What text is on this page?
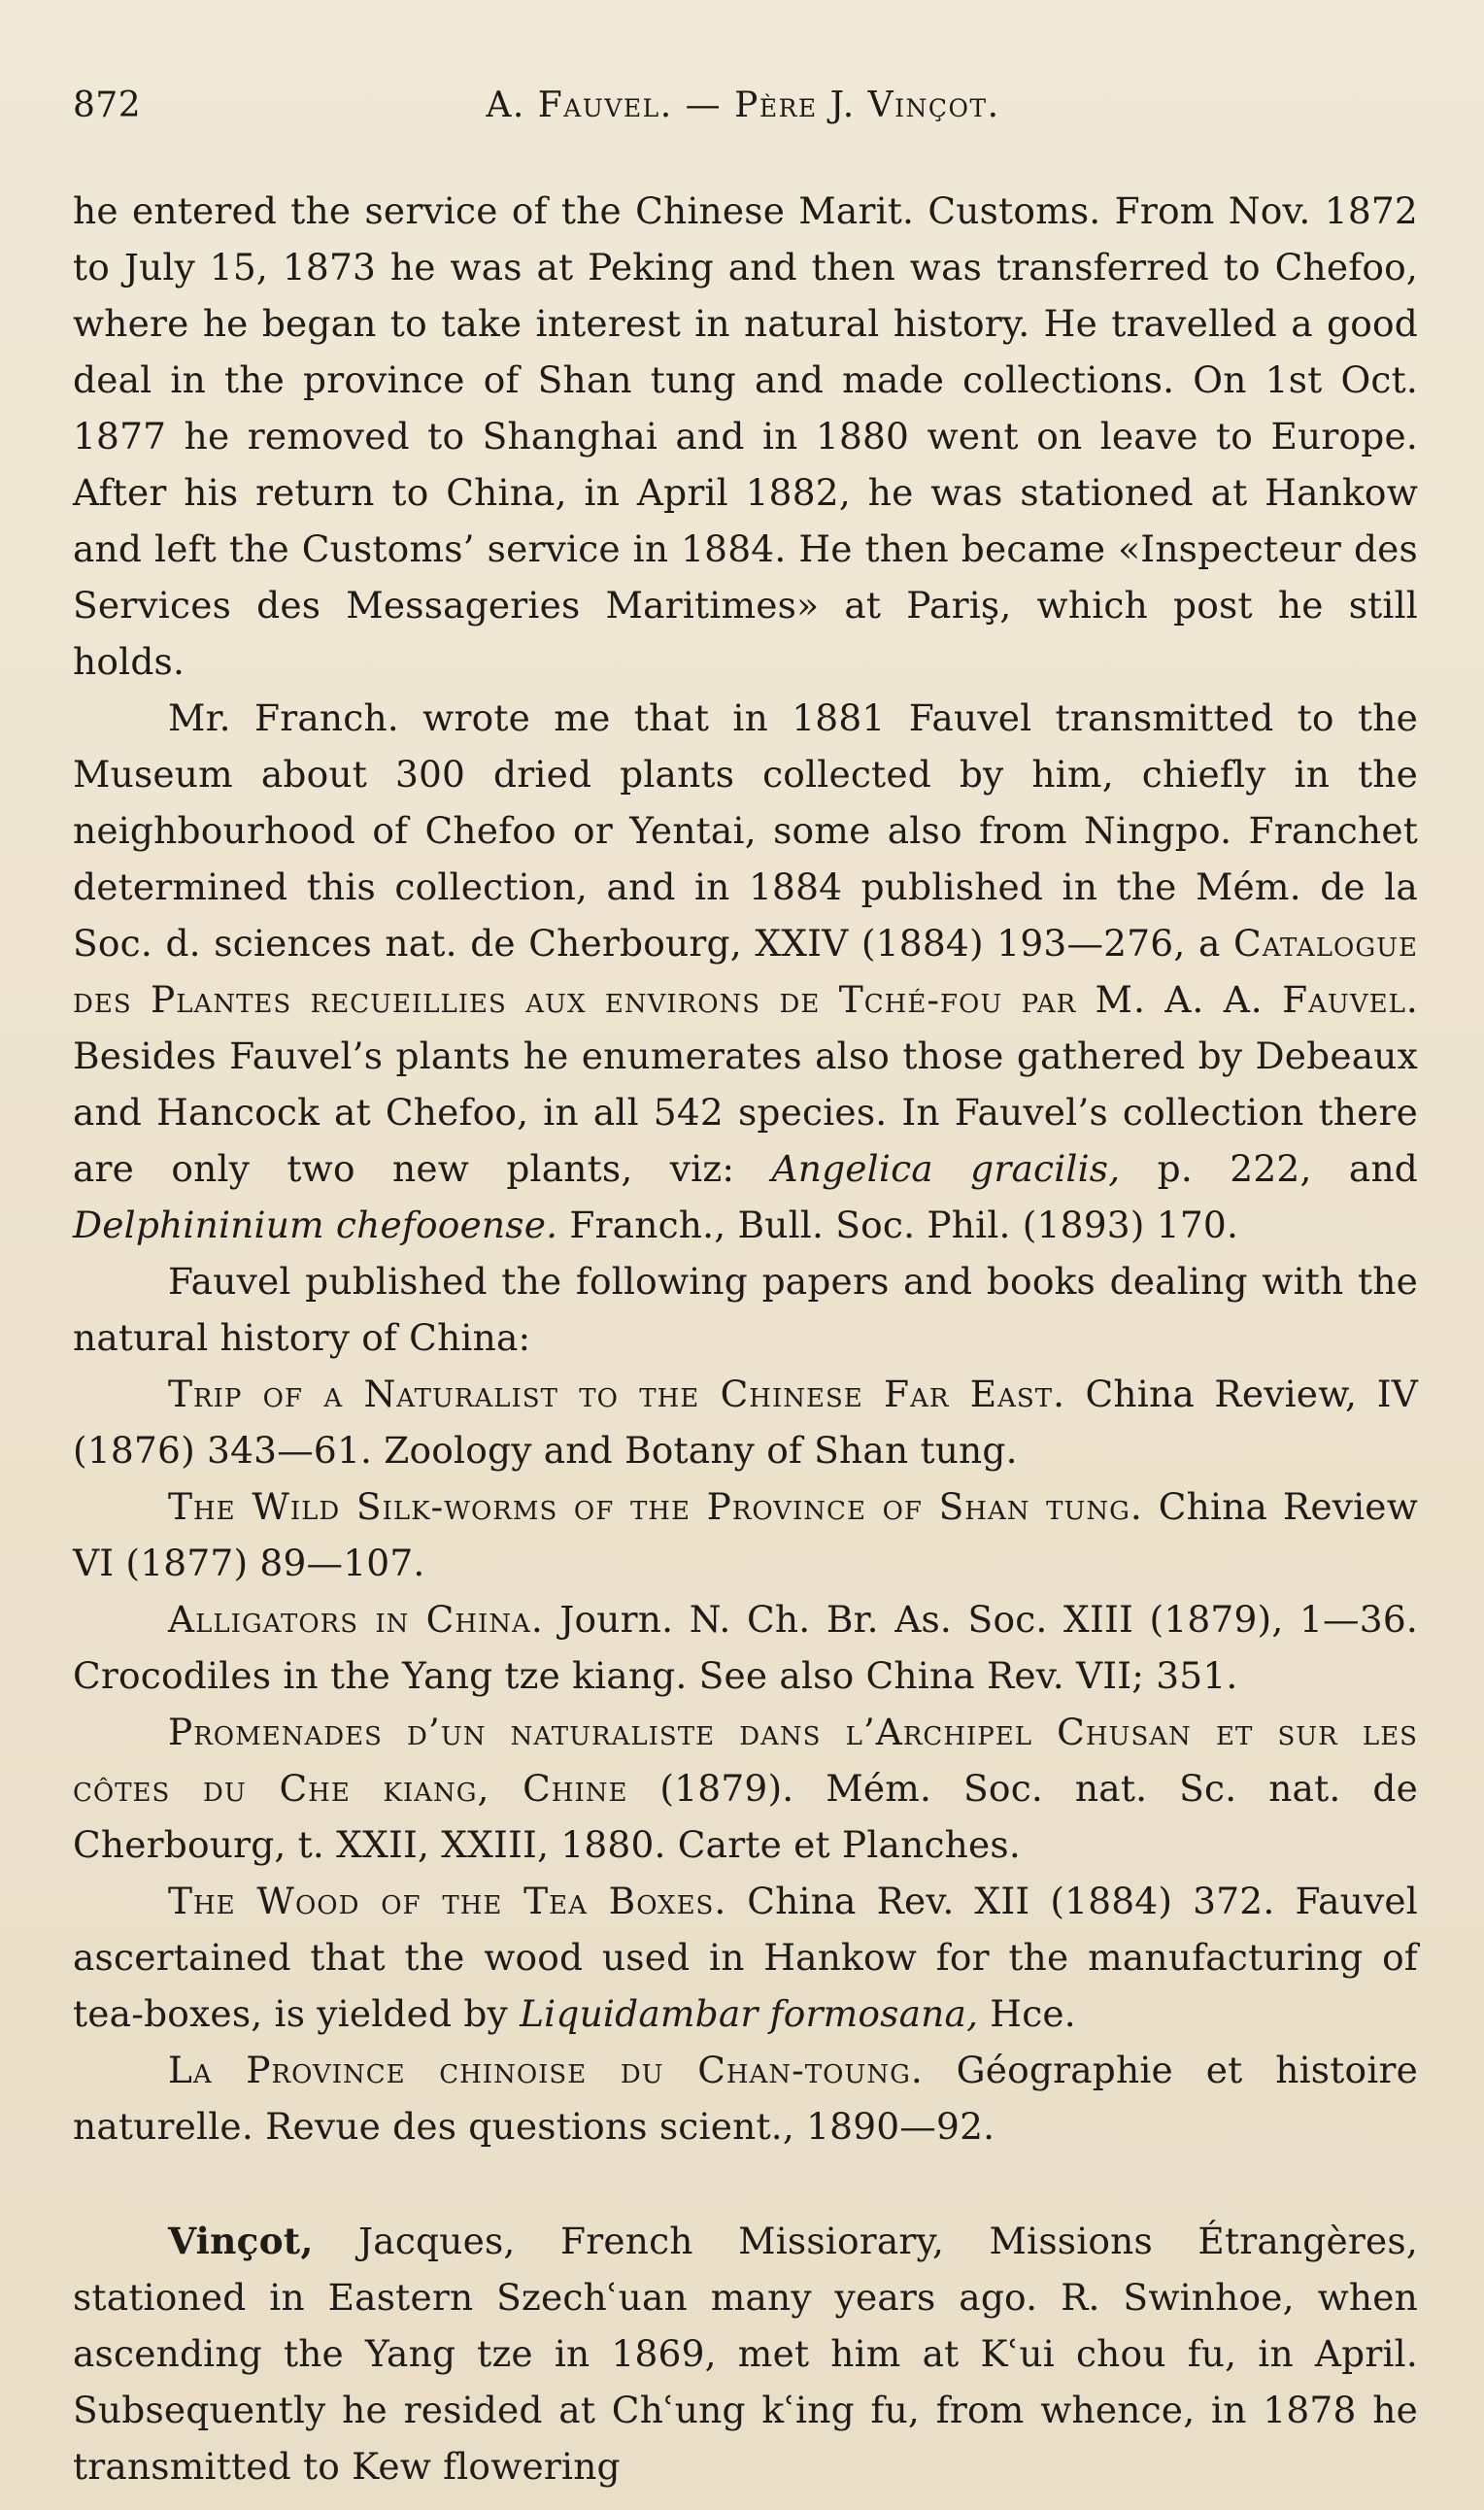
872	A. Fauvel. — Père J. Vinçot.

he entered the service of the Chinese Marit. Customs. From Nov. 1872 to July 15, 1873 he was at Peking and then was transferred to Chefoo, where he began to take interest in natural history. He travelled a good deal in the province of Shan tung and made collections. On 1st Oct. 1877 he removed to Shanghai and in 1880 went on leave to Europe. After his return to China, in April 1882, he was stationed at Hankow and left the Customs’ service in 1884. He then became «Inspecteur des Services des Messageries Maritimes» at Pariş, which post he still holds.

Mr. Franch. wrote me that in 1881 Fauvel transmitted to the Museum about 300 dried plants collected by him, chiefly in the neighbourhood of Chefoo or Yentai, some also from Ningpo. Franchet determined this collection, and in 1884 published in the Mém. de la Soc. d. sciences nat. de Cherbourg, XXIV (1884) 193—276, a Catalogue des Plantes recueillies aux environs de Tché-fou par M. A. A. Fauvel. Besides Fauvel’s plants he enumerates also those gathered by Debeaux and Hancock at Chefoo, in all 542 species. In Fauvel’s collection there are only two new plants, viz: Angelica gracilis, p. 222, and Delphininium chefooense. Franch., Bull. Soc. Phil. (1893) 170.

Fauvel published the following papers and books dealing with the natural history of China:

Trip of a Naturalist to the Chinese Far East. China Review, IV (1876) 343—61. Zoology and Botany of Shan tung.

The Wild Silk-worms of the Province of Shan tung. China Review VI (1877) 89—107.

Alligators in China. Journ. N. Ch. Br. As. Soc. XIII (1879), 1—36. Crocodiles in the Yang tze kiang. See also China Rev. VII; 351.

Promenades d’un naturaliste dans l’Archipel Chusan et sur les côtes du Che kiang, Chine (1879). Mém. Soc. nat. Sc. nat. de Cherbourg, t. XXII, XXIII, 1880. Carte et Planches.

The Wood of the Tea Boxes. China Rev. XII (1884) 372. Fauvel ascertained that the wood used in Hankow for the manufacturing of tea-boxes, is yielded by Liquidambar formosana, Hce.

La Province chinoise du Chan-toung. Géographie et histoire naturelle. Revue des questions scient., 1890—92.

Vinçot, Jacques, French Missiorary, Missions Étrangères, stationed in Eastern Szechʿuan many years ago. R. Swinhoe, when ascending the Yang tze in 1869, met him at Kʿui chou fu, in April. Subsequently he resided at Chʿung kʿing fu, from whence, in 1878 he transmitted to Kew flowering
